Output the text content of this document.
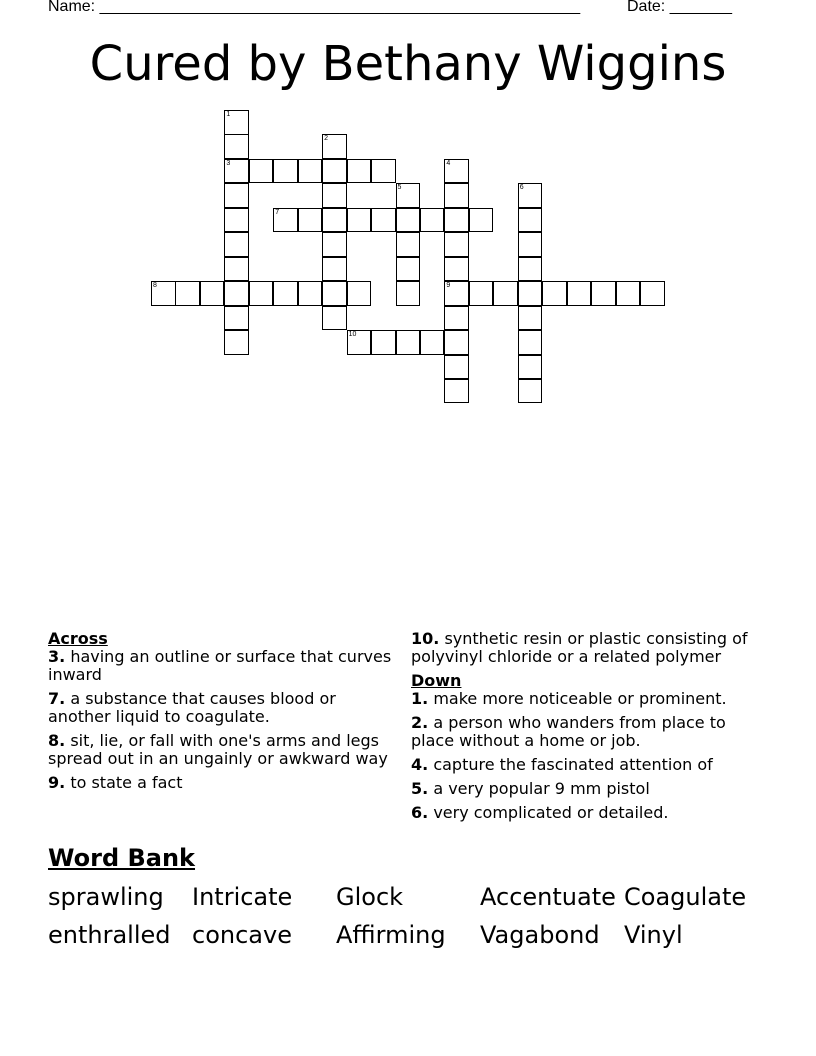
Name: ______________________________________________________	Date: _______
Cured by Bethany Wiggins
1
3
2
4
9
5	6
7
8
10

Across

3. having an outline or surface that curves inward

7. a substance that causes blood or another liquid to coagulate.

8. sit, lie, or fall with one's arms and legs spread out in an ungainly or awkward way

9. to state a fact

10. synthetic resin or plastic consisting of polyvinyl chloride or a related polymer

Down

1. make more noticeable or prominent.

2. a person who wanders from place to place without a home or job.

4. capture the fascinated attention of

5. a very popular 9 mm pistol

6. very complicated or detailed.

Word Bank
sprawling Intricate Glock	Accentuate Coagulate
enthralled concave Affirming Vagabond Vinyl
